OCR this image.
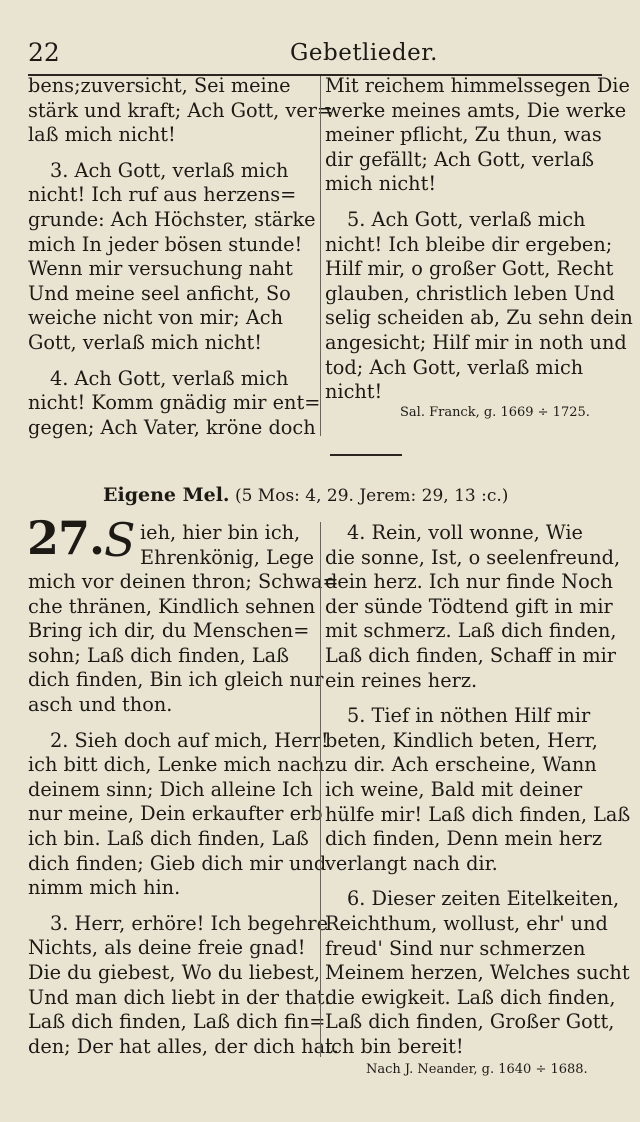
22	Gebetlieder.

bens;zuversicht, Sei meine

stärk und kraft; Ach Gott, ver=

laß mich nicht!

3. Ach Gott, verlaß mich

nicht! Ich ruf aus herzens=

grunde: Ach Höchster, stärke

mich In jeder bösen stunde!

Wenn mir versuchung naht

Und meine seel anficht, So

weiche nicht von mir; Ach

Gott, verlaß mich nicht!

4. Ach Gott, verlaß mich

nicht! Komm gnädig mir ent=

gegen; Ach Vater, kröne doch

Mit reichem himmelssegen Die

werke meines amts, Die werke

meiner pflicht, Zu thun, was

dir gefällt; Ach Gott, verlaß

mich nicht!

5. Ach Gott, verlaß mich

nicht! Ich bleibe dir ergeben;

Hilf mir, o großer Gott, Recht

glauben, christlich leben Und

selig scheiden ab, Zu sehn dein

angesicht; Hilf mir in noth und

tod; Ach Gott, verlaß mich

nicht!

Sal. Franck, g. 1669 ÷ 1725.
Eigene Mel. (5 Mos: 4, 29. Jerem: 29, 13 :c.)
27. S ieh, hier bin ich,

Ehrenkönig, Lege

mich vor deinen thron; Schwa=

che thränen, Kindlich sehnen

Bring ich dir, du Menschen=

sohn; Laß dich finden, Laß

dich finden, Bin ich gleich nur

asch und thon.

2. Sieh doch auf mich, Herr!

ich bitt dich, Lenke mich nach

deinem sinn; Dich alleine Ich

nur meine, Dein erkaufter erb

ich bin. Laß dich finden, Laß

dich finden; Gieb dich mir und

nimm mich hin.

3. Herr, erhöre! Ich begehre

Nichts, als deine freie gnad!

Die du giebest, Wo du liebest,

Und man dich liebt in der that.

Laß dich finden, Laß dich fin=

den; Der hat alles, der dich hat.

4. Rein, voll wonne, Wie

die sonne, Ist, o seelenfreund,

dein herz. Ich nur finde Noch

der sünde Tödtend gift in mir

mit schmerz. Laß dich finden,

Laß dich finden, Schaff in mir

ein reines herz.

5. Tief in nöthen Hilf mir

beten, Kindlich beten, Herr,

zu dir. Ach erscheine, Wann

ich weine, Bald mit deiner

hülfe mir! Laß dich finden, Laß

dich finden, Denn mein herz

verlangt nach dir.

6. Dieser zeiten Eitelkeiten,

Reichthum, wollust, ehr' und

freud' Sind nur schmerzen

Meinem herzen, Welches sucht

die ewigkeit. Laß dich finden,

Laß dich finden, Großer Gott,

ich bin bereit!

Nach J. Neander, g. 1640 ÷ 1688.
